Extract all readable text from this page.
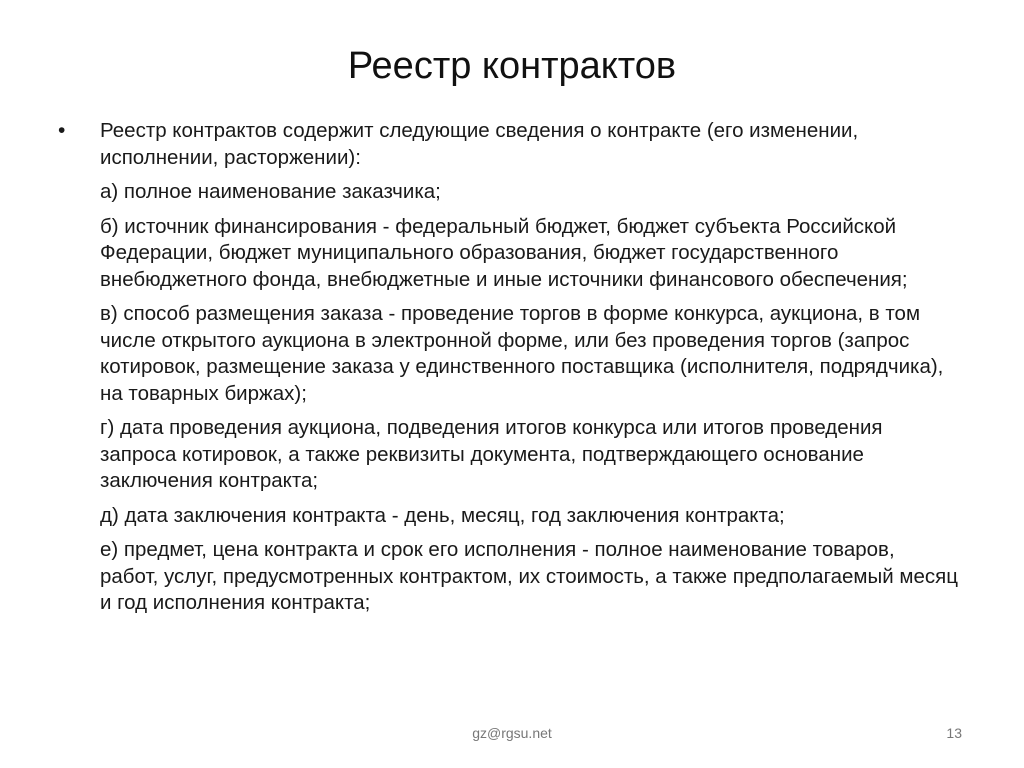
Реестр контрактов
• Реестр контрактов содержит следующие сведения о контракте (его изменении, исполнении, расторжении):

а) полное наименование заказчика;

б) источник финансирования - федеральный бюджет, бюджет субъекта Российской Федерации, бюджет муниципального образования, бюджет государственного внебюджетного фонда, внебюджетные и иные источники финансового обеспечения;

в) способ размещения заказа - проведение торгов в форме конкурса, аукциона, в том числе открытого аукциона в электронной форме, или без проведения торгов (запрос котировок, размещение заказа у единственного поставщика (исполнителя, подрядчика), на товарных биржах);

г) дата проведения аукциона, подведения итогов конкурса или итогов проведения запроса котировок, а также реквизиты документа, подтверждающего основание заключения контракта;

д) дата заключения контракта - день, месяц, год заключения контракта;

е) предмет, цена контракта и срок его исполнения - полное наименование товаров, работ, услуг, предусмотренных контрактом, их стоимость, а также предполагаемый месяц и год исполнения контракта;

gz@rgsu.net	13
